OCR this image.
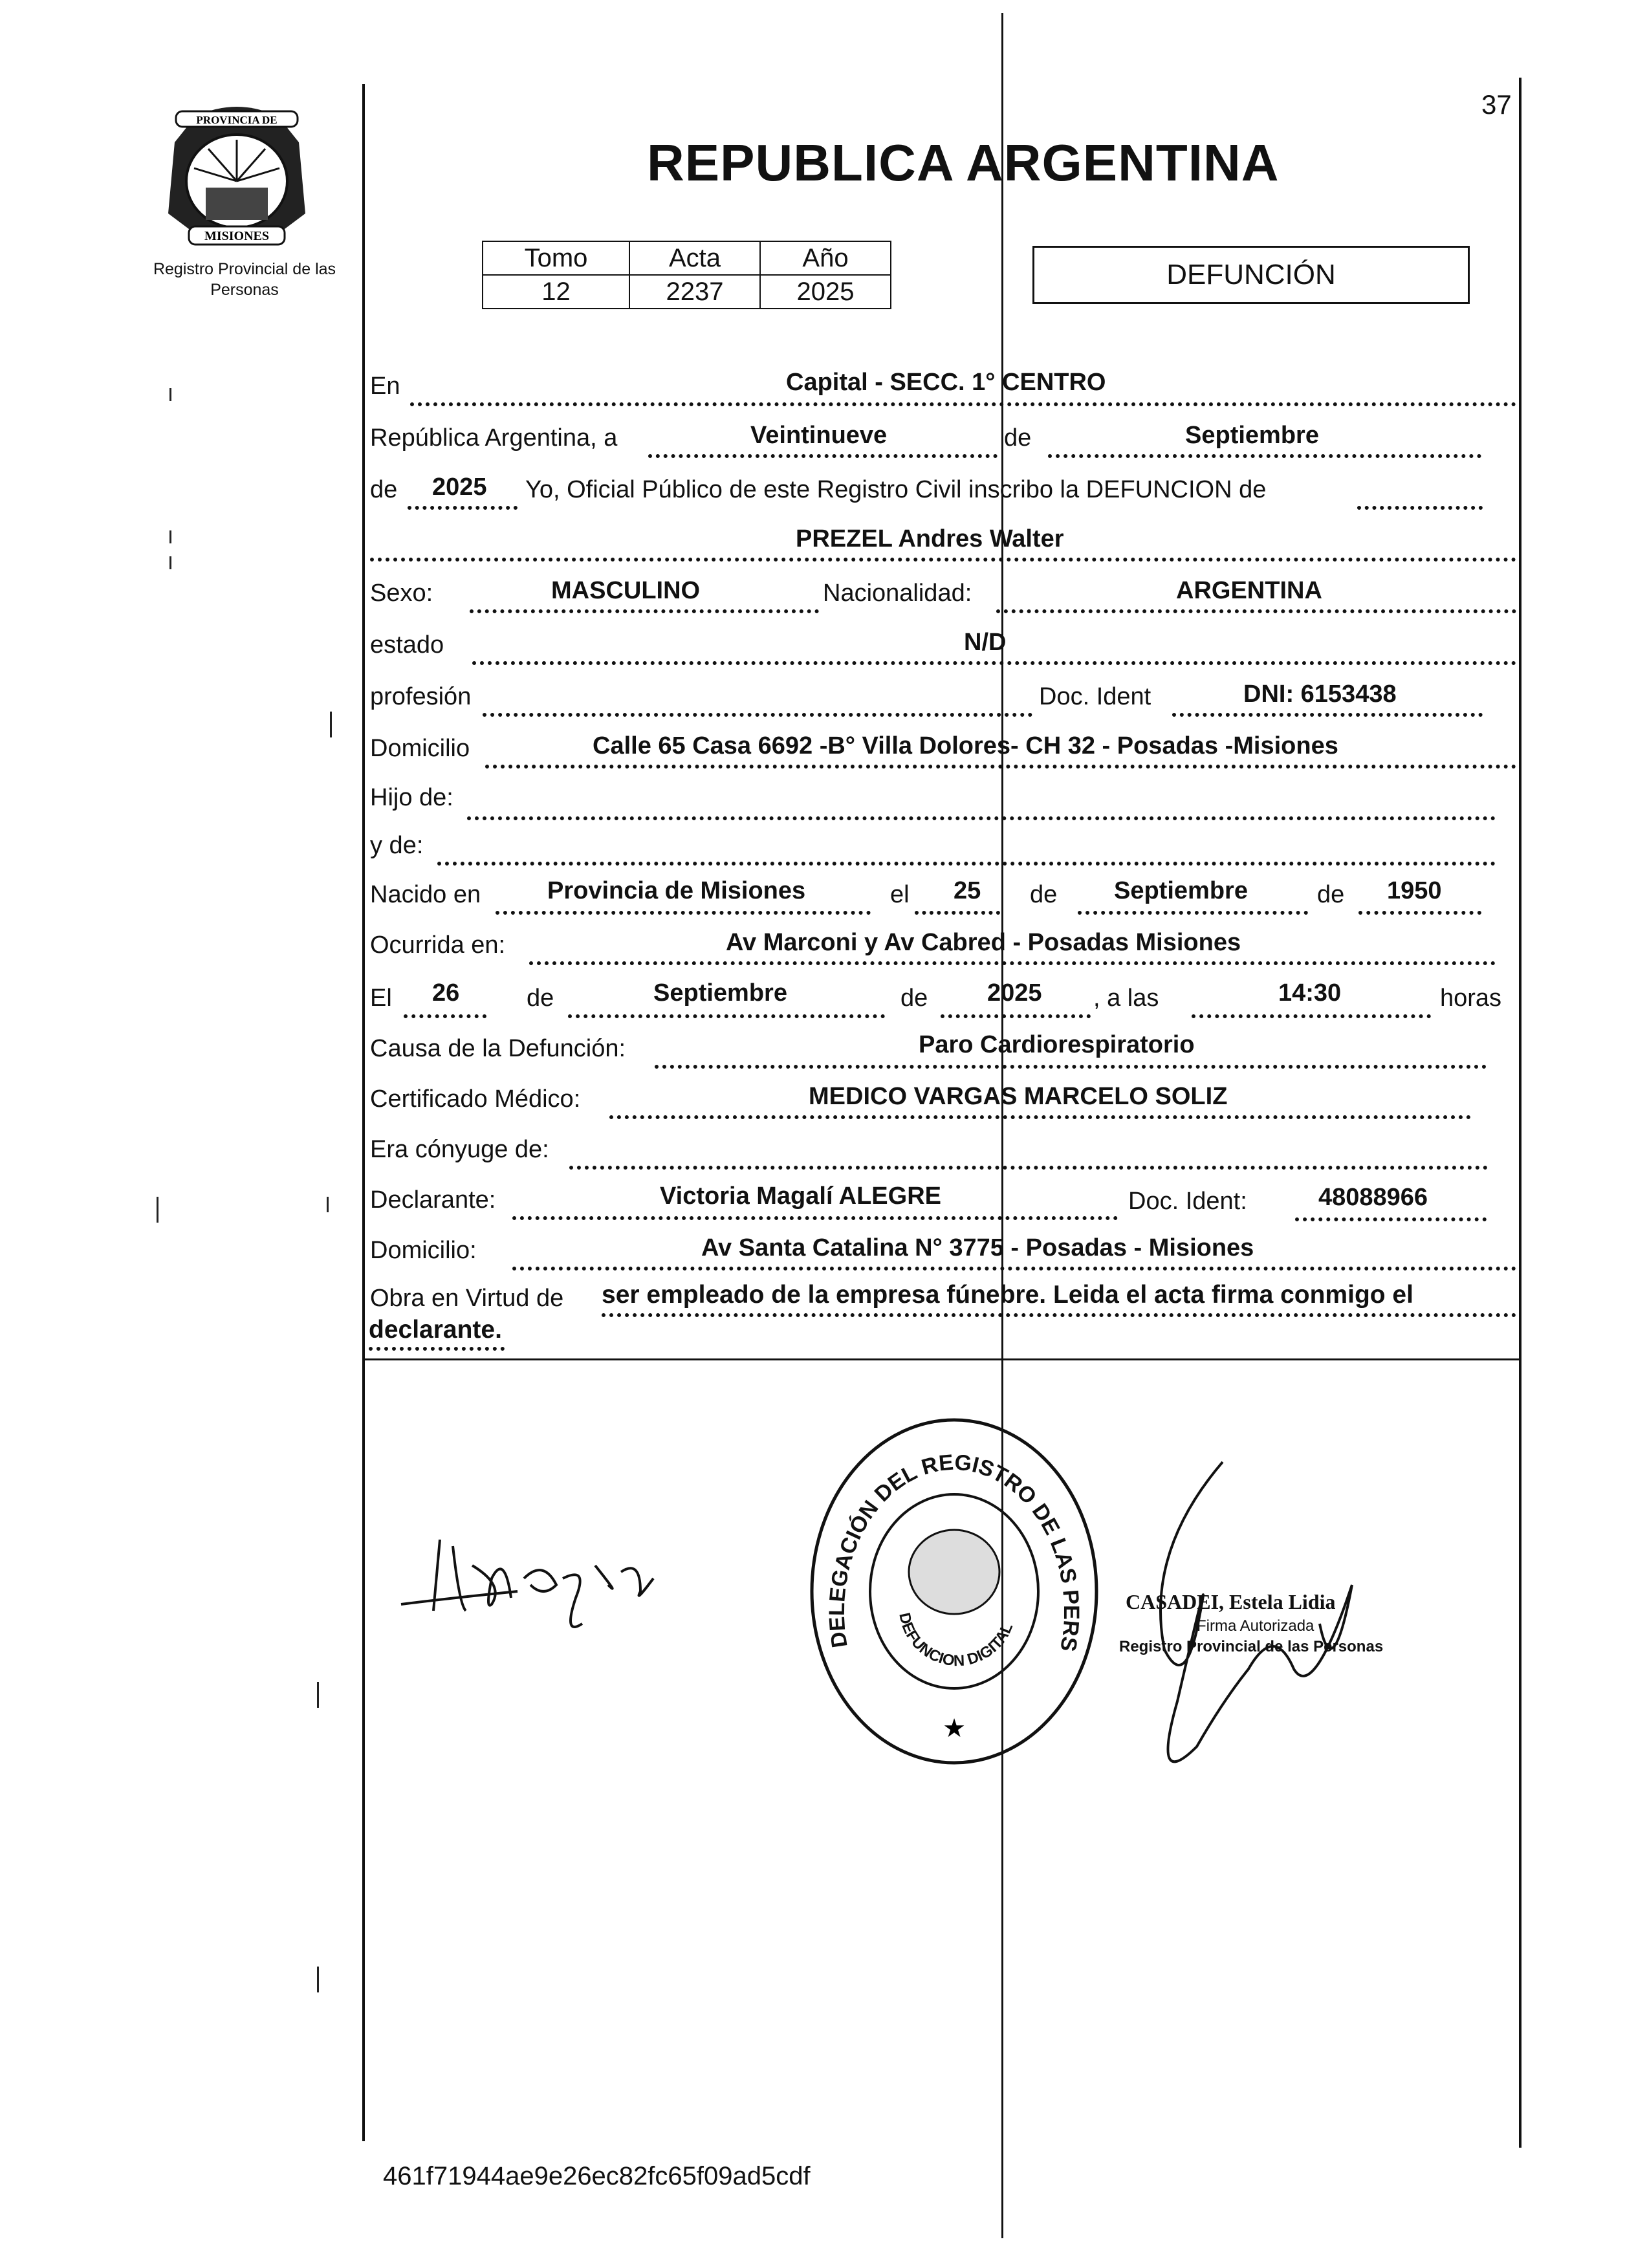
37
PROVINCIA DE
MISIONES
Registro Provincial de las Personas
REPUBLICA ARGENTINA
Tomo	Acta	Año
12	2237	2025
DEFUNCIÓN
En	Capital - SECC. 1° CENTRO
República Argentina, a	Veintinueve	de	Septiembre
de 2025 Yo, Oficial Público de este Registro Civil inscribo la DEFUNCION de
PREZEL Andres Walter
Sexo:	MASCULINO	Nacionalidad:	ARGENTINA
estado	N/D
profesión	Doc. Ident	DNI: 6153438
Domicilio	Calle 65 Casa 6692 -B° Villa Dolores- CH 32 - Posadas -Misiones
Hijo de:
y de:
Nacido en	Provincia de Misiones	el 25 de Septiembre	de 1950
Ocurrida en:	Av Marconi y Av Cabred - Posadas Misiones
El 26	de	Septiembre	de 2025 , a las	14:30	horas
Causa de la Defunción:	Paro Cardiorespiratorio
Certificado Médico:	MEDICO VARGAS MARCELO SOLIZ
Era cónyuge de:
Declarante:	Victoria Magalí ALEGRE	Doc. Ident:	48088966
Domicilio:	Av Santa Catalina N° 3775 - Posadas - Misiones
Obra en Virtud de ser empleado de la empresa fúnebre. Leida el acta firma conmigo el
declarante.
DELEGACIÓN DEL REGISTRO DE LAS PERS
DEFUNCION DIGITAL
★
CASADEI, Estela Lidia
Firma Autorizada
Registro Provincial de las Personas
461f71944ae9e26ec82fc65f09ad5cdf
